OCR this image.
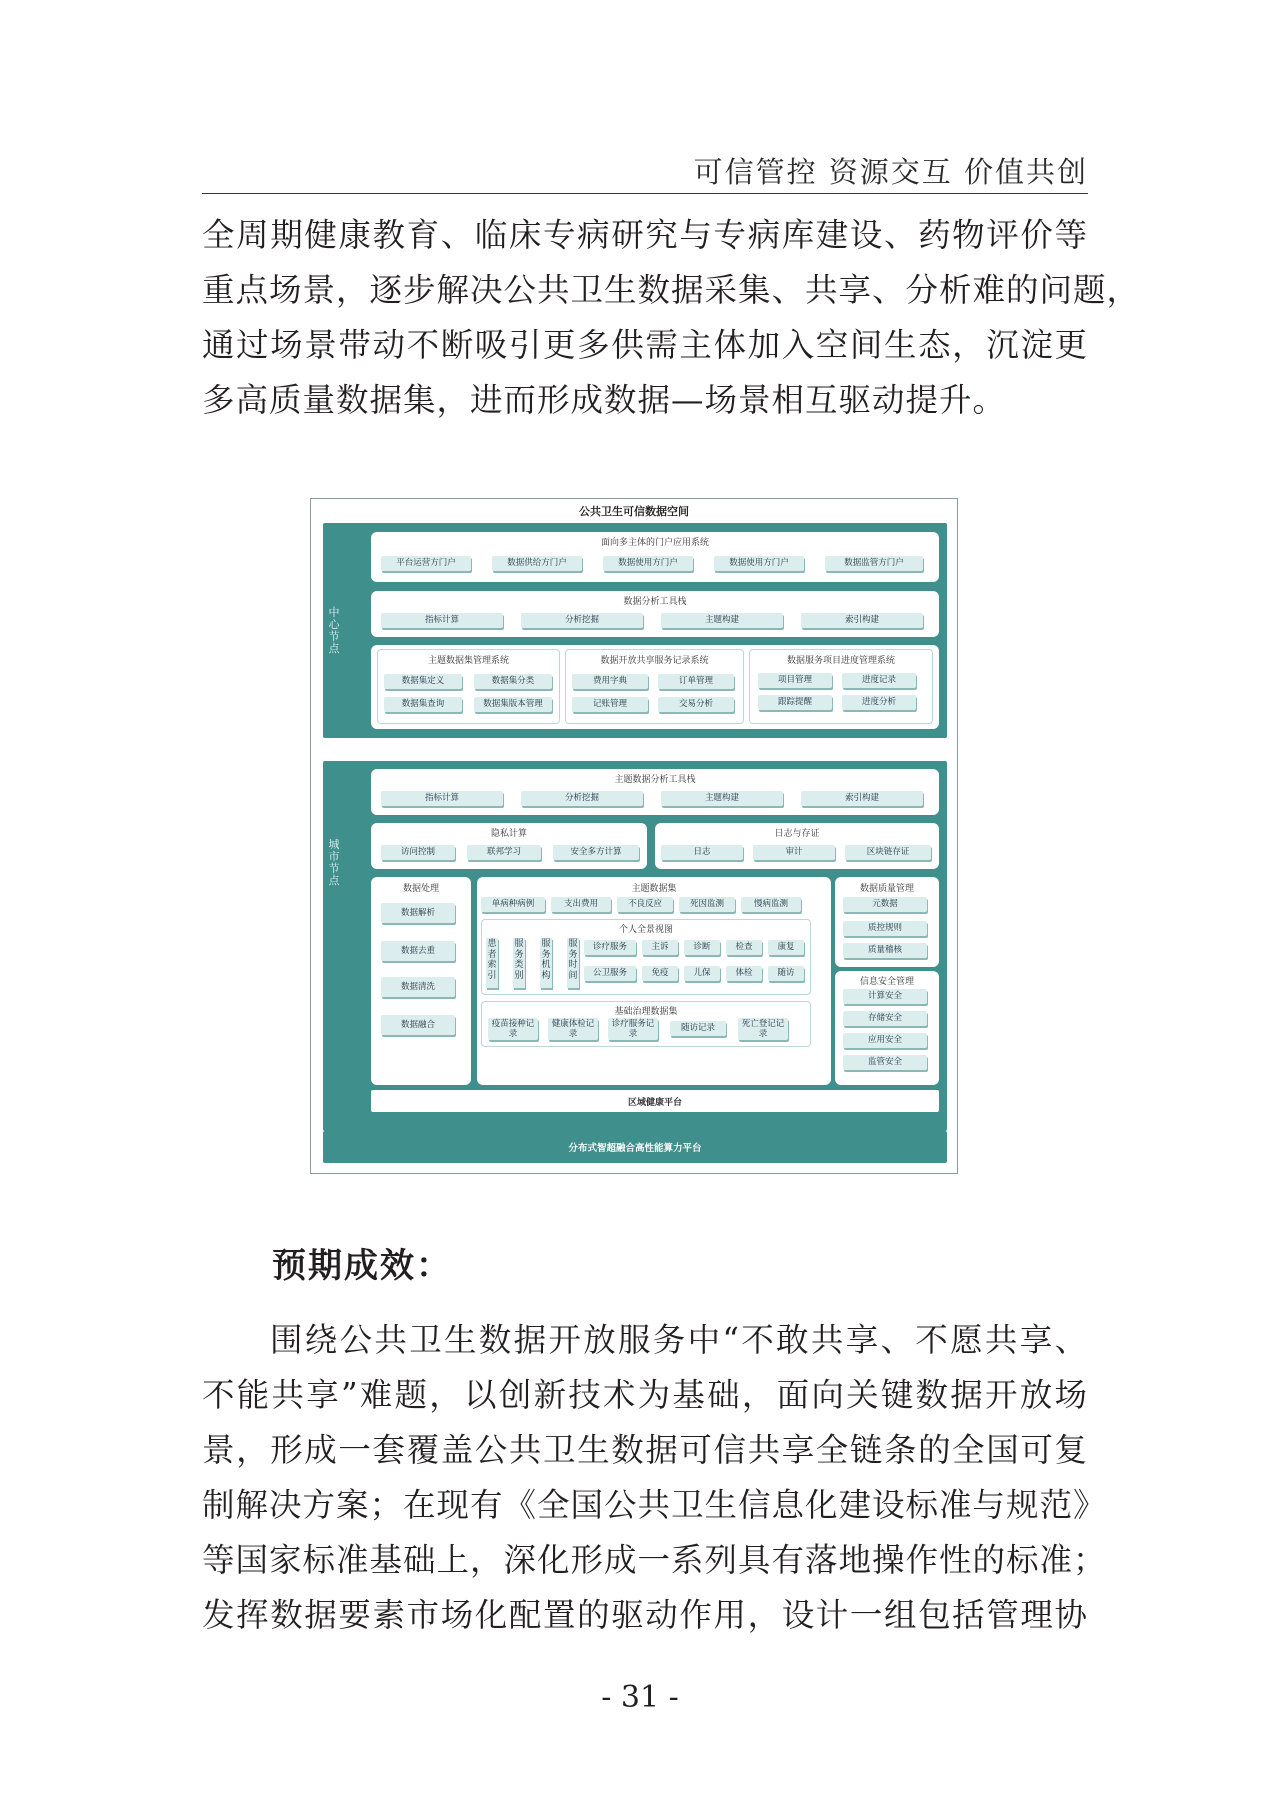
可信管控 资源交互 价值共创

全周期健康教育、临床专病研究与专病库建设、药物评价等
重点场景，逐步解决公共卫生数据采集、共享、分析难的问题，
通过场景带动不断吸引更多供需主体加入空间生态，沉淀更
多高质量数据集，进而形成数据—场景相互驱动提升。

公共卫生可信数据空间
中心节点
面向多主体的门户应用系统
平台运营方门户	数据供给方门户	数据使用方门户	数据使用方门户	数据监管方门户
数据分析工具栈
指标计算	分析挖掘	主题构建	索引构建
主题数据集管理系统
数据集定义	数据集分类
数据集查询	数据集版本管理
数据开放共享服务记录系统
费用字典	订单管理
记账管理	交易分析
数据服务项目进度管理系统
项目管理	进度记录
跟踪提醒	进度分析
城市节点
主题数据分析工具栈
指标计算	分析挖掘	主题构建	索引构建
隐私计算
访问控制	联邦学习	安全多方计算
日志与存证
日志	审计	区块链存证
数据处理
数据解析
数据去重
数据清洗
数据融合
主题数据集
单病种病例	支出费用	不良反应	死因监测	慢病监测
个人全景视图
患者索引
服务类别
服务机构
服务时间
诊疗服务	主诉	诊断	检查	康复
公卫服务	免疫	儿保	体检	随访
基础治理数据集
疫苗接种记录
健康体检记录
诊疗服务记录
随访记录	死亡登记记录
数据质量管理
元数据
质控规则
质量稽核
信息安全管理
计算安全
存储安全
应用安全
监管安全
区域健康平台
分布式智超融合高性能算力平台
预期成效：

围绕公共卫生数据开放服务中“不敢共享、不愿共享、
不能共享”难题，以创新技术为基础，面向关键数据开放场
景，形成一套覆盖公共卫生数据可信共享全链条的全国可复
制解决方案；在现有《全国公共卫生信息化建设标准与规范》
等国家标准基础上，深化形成一系列具有落地操作性的标准；
发挥数据要素市场化配置的驱动作用，设计一组包括管理协

- 31 -
